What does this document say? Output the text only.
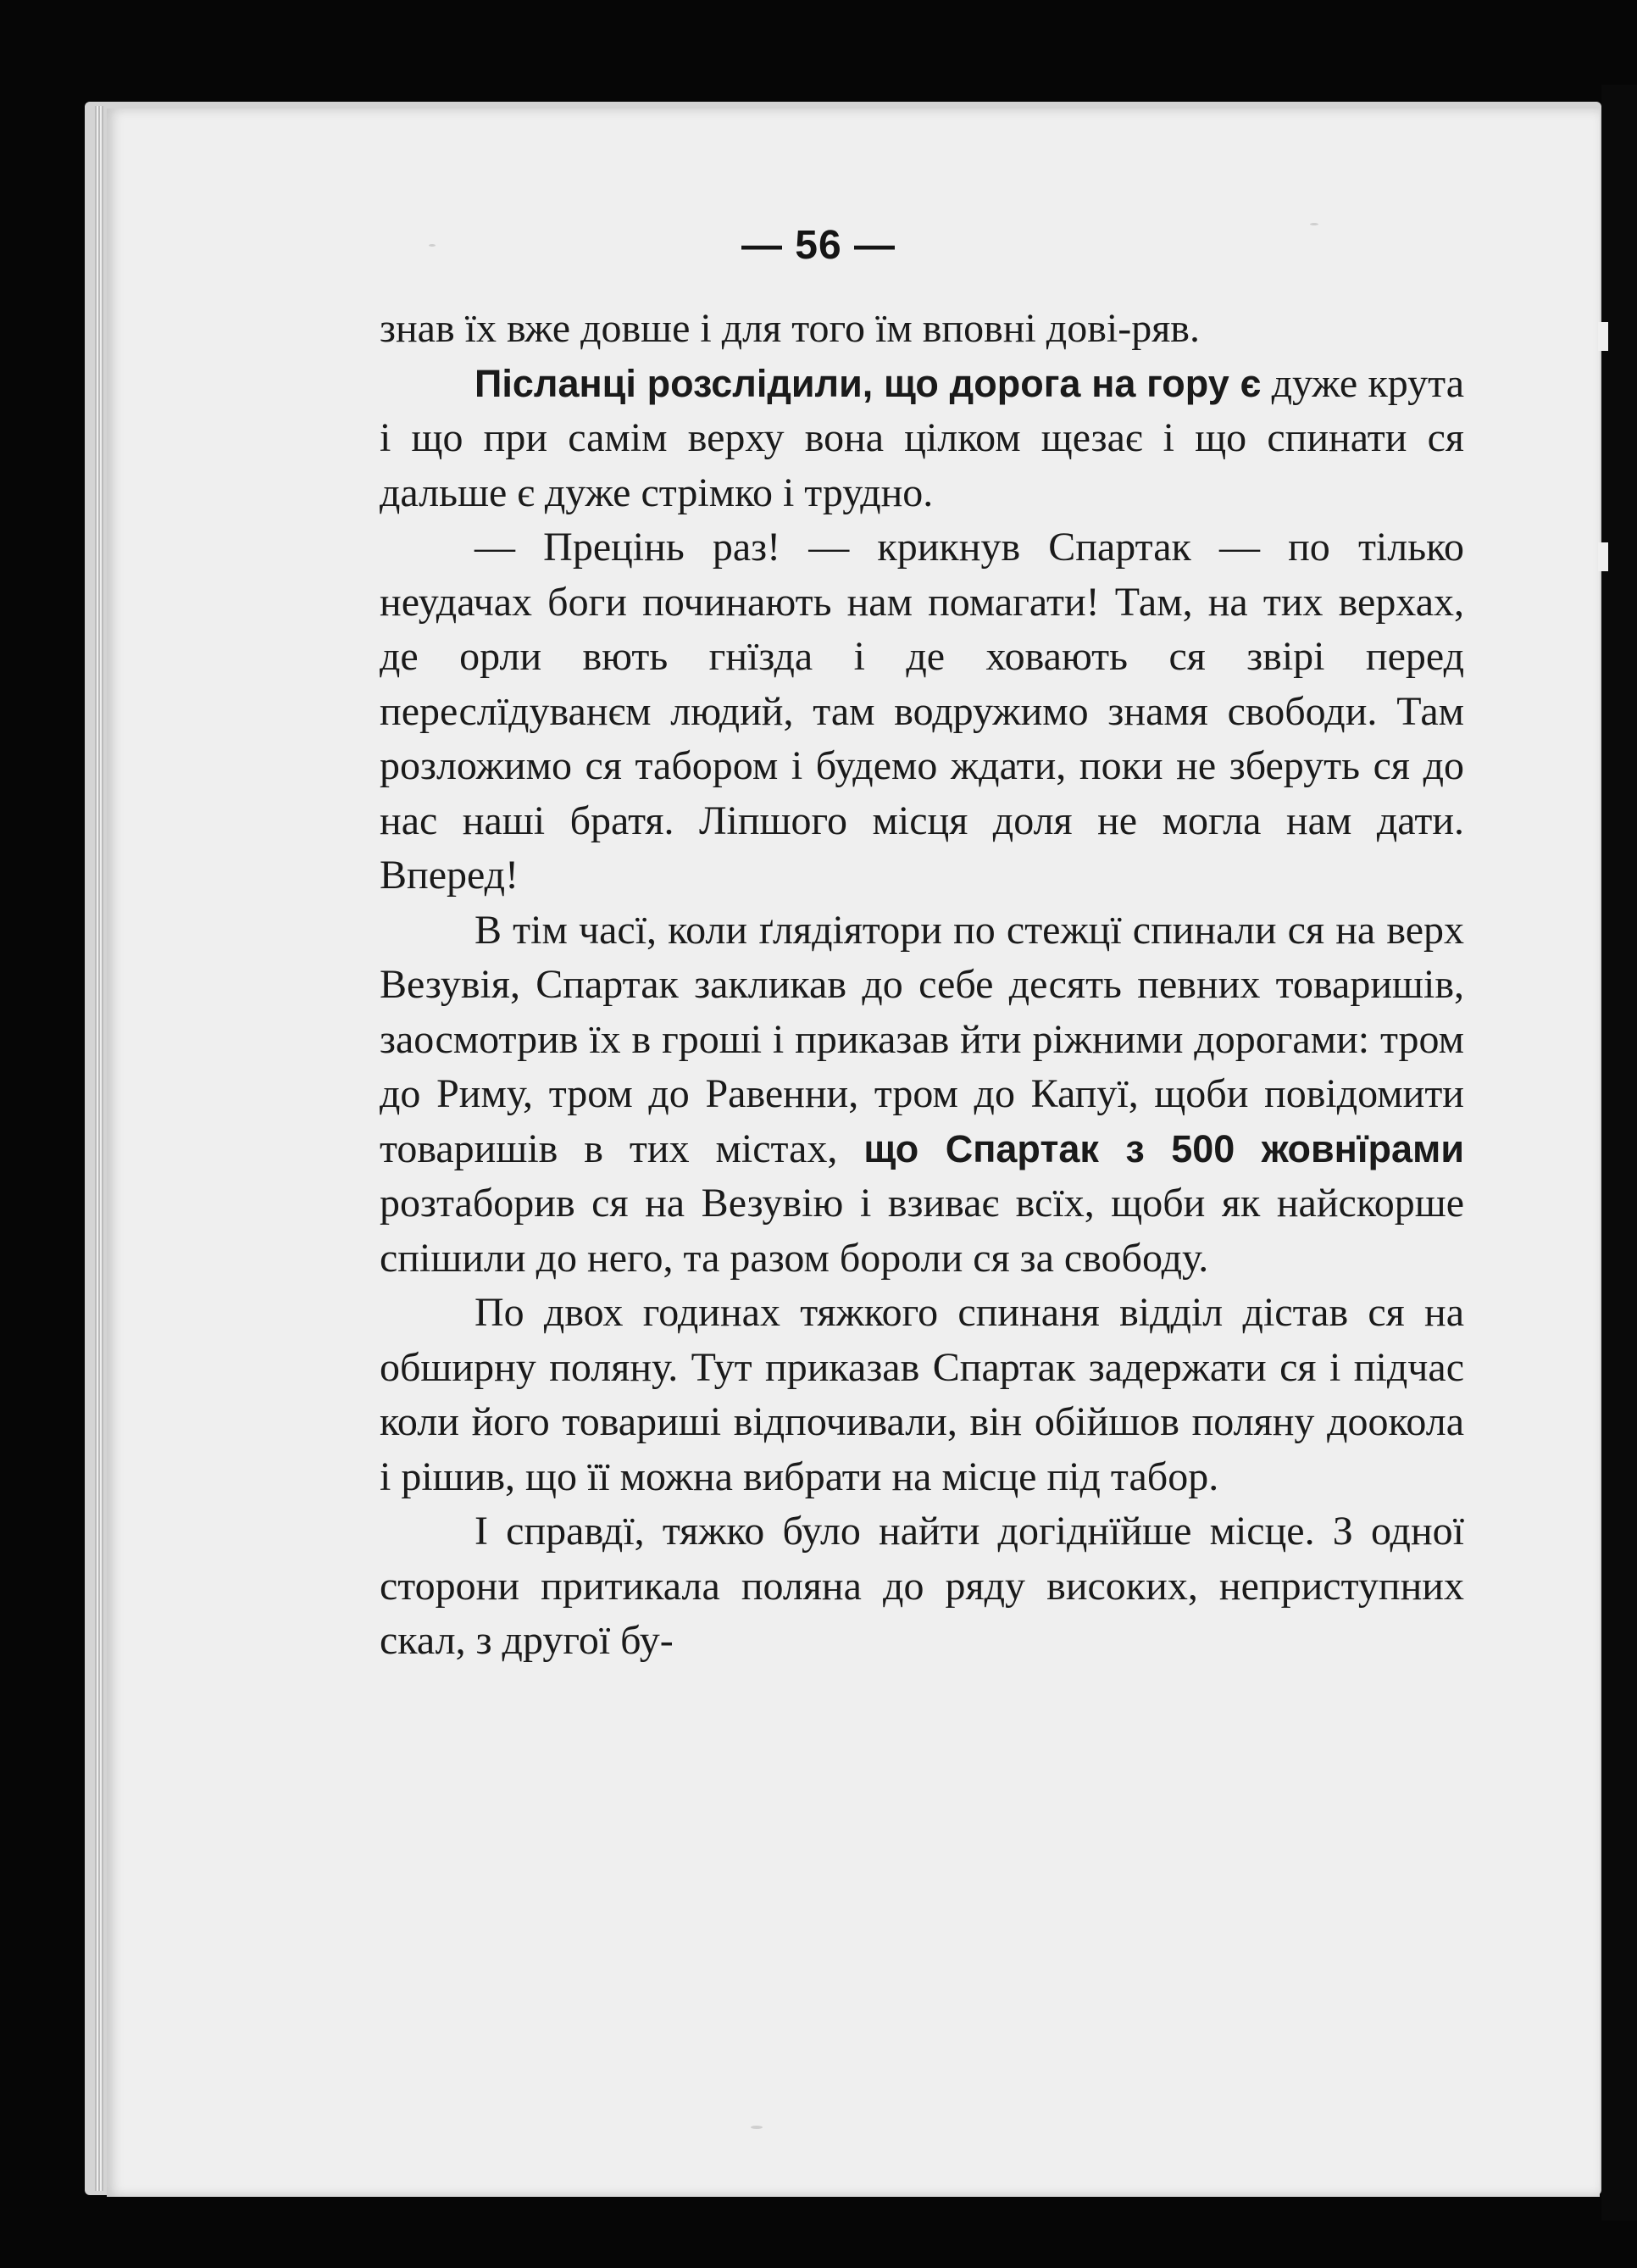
— 56 —

знав їх вже довше і для того їм вповні дові-ряв.

Післанці розслідили, що дорога на гору є дуже крута і що при самім верху вона цілком щезає і що спинати ся дальше є дуже стрімко і трудно.

— Прецінь раз! — крикнув Спартак — по тілько неудачах боги починають нам помагати! Там, на тих верхах, де орли вють гнїзда і де ховають ся звірі перед переслїдуванєм людий, там водружимо знамя свободи. Там розложимо ся табором і будемо ждати, поки не зберуть ся до нас наші братя. Ліпшого місця доля не могла нам дати. Вперед!

В тім часї, коли ґлядіятори по стежцї спинали ся на верх Везувія, Спартак закликав до себе десять певних товаришів, заосмотрив їх в гроші і приказав йти ріжними дорогами: тром до Риму, тром до Равенни, тром до Капуї, щоби повідомити товаришів в тих містах, що Спартак з 500 жовнїрами розтаборив ся на Везувію і взиває всїх, щоби як найскорше спішили до него, та разом бороли ся за свободу.

По двох годинах тяжкого спинаня відділ дістав ся на обширну поляну. Тут приказав Спартак задержати ся і підчас коли його товариші відпочивали, він обійшов поляну доокола і рішив, що її можна вибрати на місце під табор.

І справдї, тяжко було найти догіднїйше місце. З одної сторони притикала поляна до ряду високих, неприступних скал, з другої бу-
